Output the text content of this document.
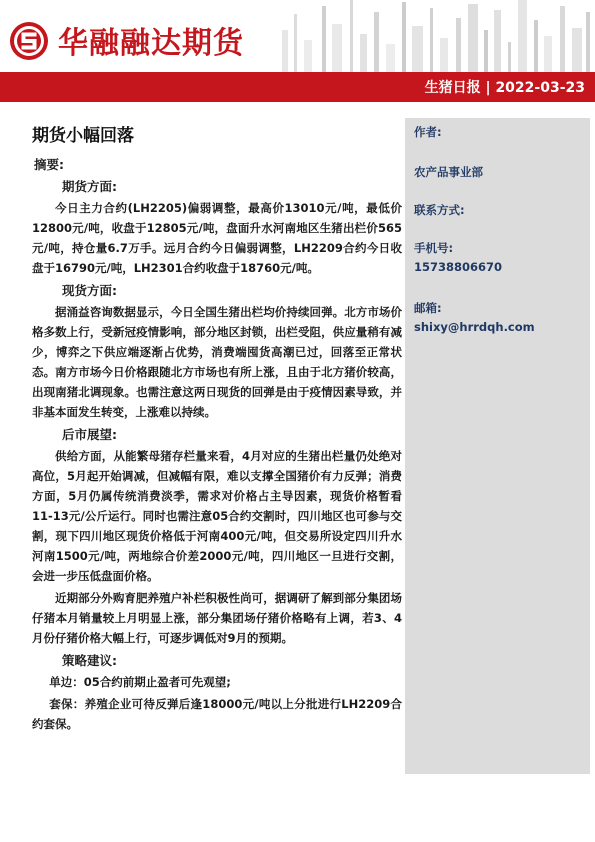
华融融达期货
生猪日报 | 2022-03-23
期货小幅回落
摘要:
期货方面:

今日主力合约(LH2205)偏弱调整，最高价13010元/吨，最低价12800元/吨，收盘于12805元/吨，盘面升水河南地区生猪出栏价565元/吨，持仓量6.7万手。远月合约今日偏弱调整，LH2209合约今日收盘于16790元/吨，LH2301合约收盘于18760元/吨。

现货方面:

据涌益咨询数据显示，今日全国生猪出栏均价持续回弹。北方市场价格多数上行，受新冠疫情影响，部分地区封锁，出栏受阻，供应量稍有减少，博弈之下供应端逐渐占优势，消费端囤货高潮已过，回落至正常状态。南方市场今日价格跟随北方市场也有所上涨，且由于北方猪价较高，出现南猪北调现象。也需注意这两日现货的回弹是由于疫情因素导致，并非基本面发生转变，上涨难以持续。

后市展望:

供给方面，从能繁母猪存栏量来看，4月对应的生猪出栏量仍处绝对高位，5月起开始调减，但减幅有限，难以支撑全国猪价有力反弹；消费方面，5月仍属传统消费淡季，需求对价格占主导因素，现货价格暂看11-13元/公斤运行。同时也需注意05合约交割时，四川地区也可参与交割，现下四川地区现货价格低于河南400元/吨，但交易所设定四川升水河南1500元/吨，两地综合价差2000元/吨，四川地区一旦进行交割，会进一步压低盘面价格。

近期部分外购育肥养殖户补栏积极性尚可，据调研了解到部分集团场仔猪本月销量较上月明显上涨，部分集团场仔猪价格略有上调，若3、4月份仔猪价格大幅上行，可逐步调低对9月的预期。

策略建议:

单边：05合约前期止盈者可先观望;

套保：养殖企业可待反弹后逢18000元/吨以上分批进行LH2209合约套保。

作者:
农产品事业部
联系方式:
手机号:
15738806670
邮箱:
shixy@hrrdqh.com
